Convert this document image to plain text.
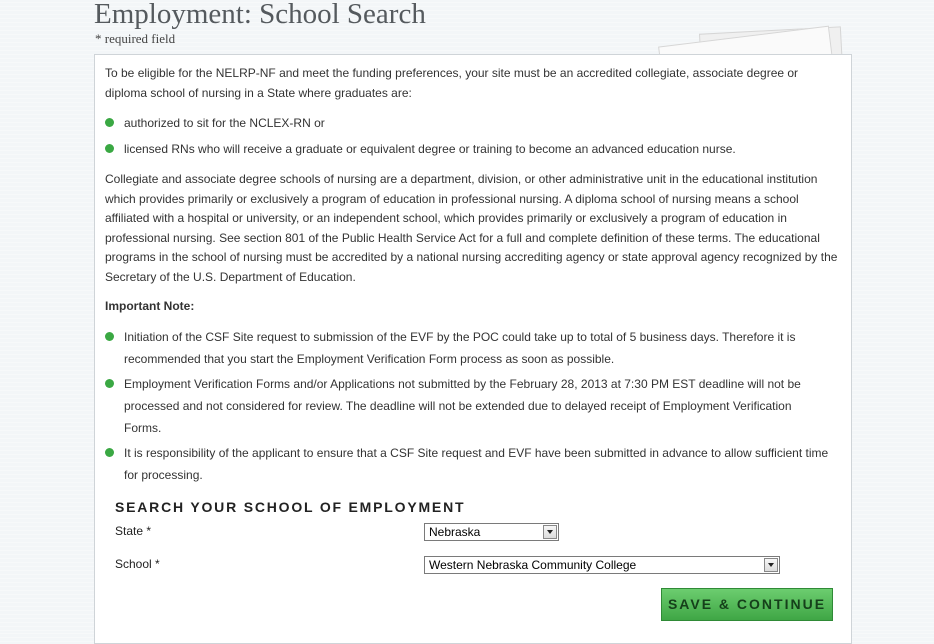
Employment: School Search
* required field
To be eligible for the NELRP-NF and meet the funding preferences, your site must be an accredited collegiate, associate degree or diploma school of nursing in a State where graduates are:
authorized to sit for the NCLEX-RN or
licensed RNs who will receive a graduate or equivalent degree or training to become an advanced education nurse.
Collegiate and associate degree schools of nursing are a department, division, or other administrative unit in the educational institution which provides primarily or exclusively a program of education in professional nursing. A diploma school of nursing means a school affiliated with a hospital or university, or an independent school, which provides primarily or exclusively a program of education in professional nursing. See section 801 of the Public Health Service Act for a full and complete definition of these terms. The educational programs in the school of nursing must be accredited by a national nursing accrediting agency or state approval agency recognized by the Secretary of the U.S. Department of Education.
Important Note:
Initiation of the CSF Site request to submission of the EVF by the POC could take up to total of 5 business days. Therefore it is recommended that you start the Employment Verification Form process as soon as possible.
Employment Verification Forms and/or Applications not submitted by the February 28, 2013 at 7:30 PM EST deadline will not be processed and not considered for review. The deadline will not be extended due to delayed receipt of Employment Verification Forms.
It is responsibility of the applicant to ensure that a CSF Site request and EVF have been submitted in advance to allow sufficient time for processing.
SEARCH YOUR SCHOOL OF EMPLOYMENT
State *	Nebraska
School *	Western Nebraska Community College
SAVE & CONTINUE
